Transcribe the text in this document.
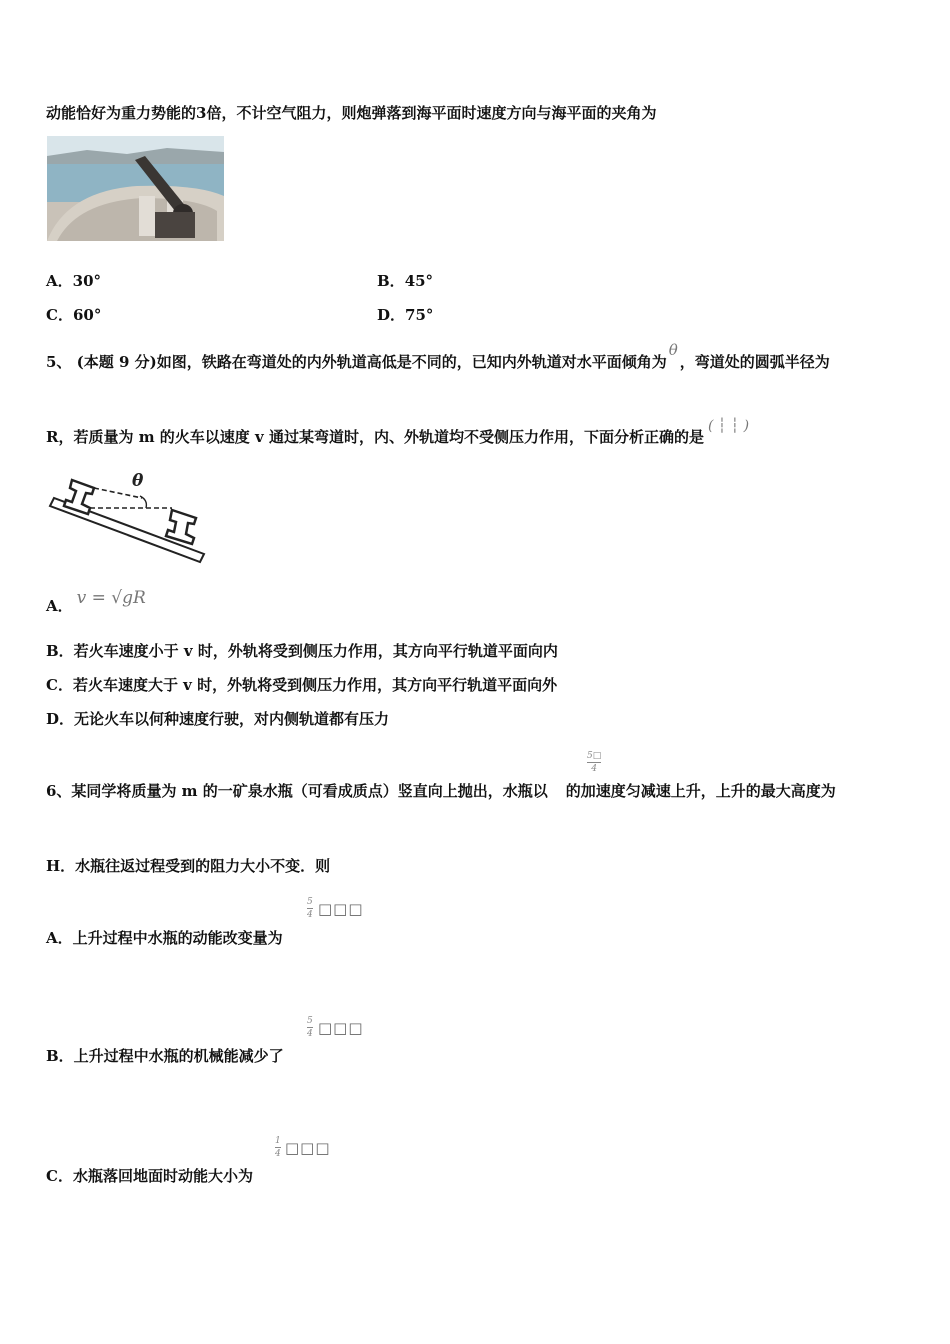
动能恰好为重力势能的3倍，不计空气阻力，则炮弹落到海平面时速度方向与海平面的夹角为
A．30°	B．45°
C．60°	D．75°
5、 (本题 9 分)如图，铁路在弯道处的内外轨道高低是不同的，已知内外轨道对水平面倾角为θ，弯道处的圆弧半径为
R，若质量为 m 的火车以速度 v 通过某弯道时，内、外轨道均不受侧压力作用，下面分析正确的是( ┆ ┆ )
θ
A． v = √gR
B．若火车速度小于 v 时，外轨将受到侧压力作用，其方向平行轨道平面向内
C．若火车速度大于 v 时，外轨将受到侧压力作用，其方向平行轨道平面向外
D．无论火车以何种速度行驶，对内侧轨道都有压力
6、某同学将质量为 m 的一矿泉水瓶（可看成质点）竖直向上抛出，水瓶以 的加速度匀减速上升，上升的最大高度为
5□
4
H．水瓶往返过程受到的阻力大小不变．则
A．上升过程中水瓶的动能改变量为
5
4 □□□
B．上升过程中水瓶的机械能减少了
5
4 □□□
C．水瓶落回地面时动能大小为
1
4 □□□
